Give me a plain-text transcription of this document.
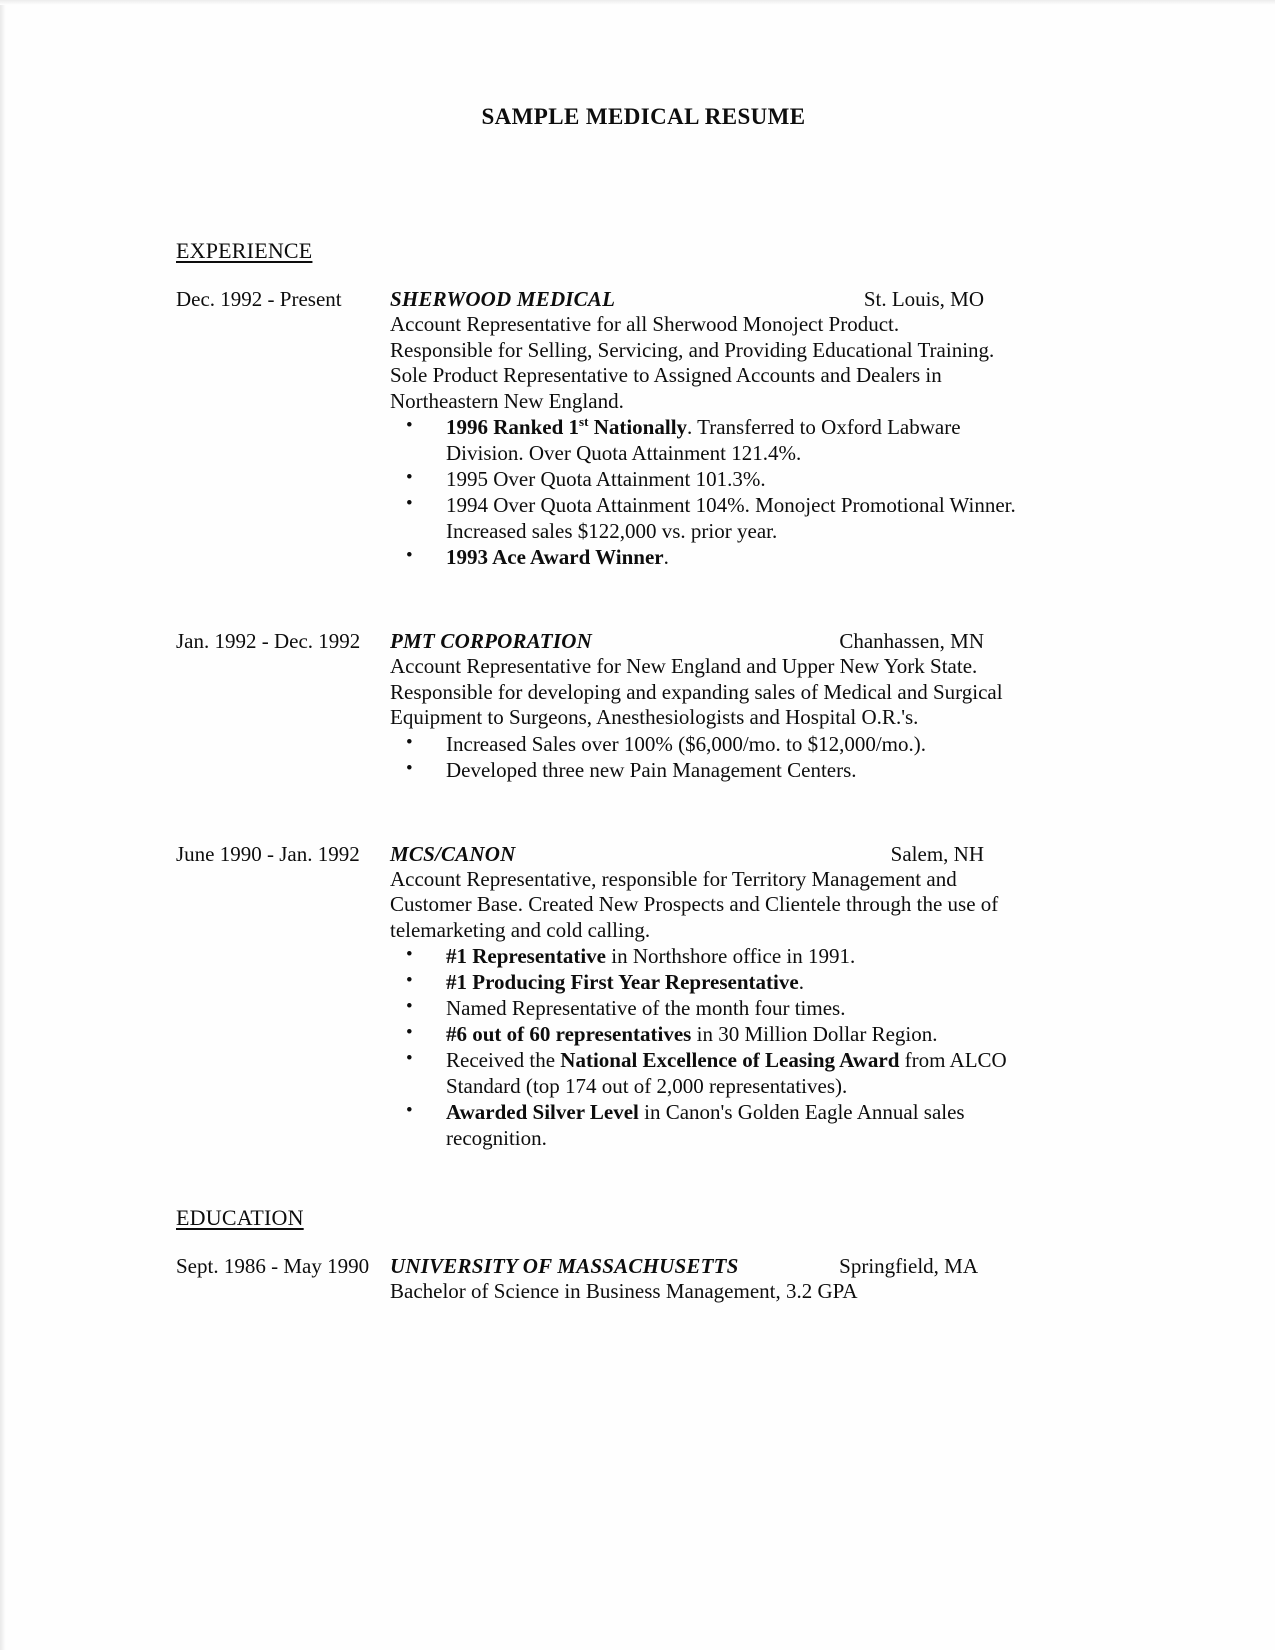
SAMPLE MEDICAL RESUME
EXPERIENCE
Dec. 1992 - Present	SHERWOOD MEDICAL	St. Louis, MO
Account Representative for all Sherwood Monoject Product.
Responsible for Selling, Servicing, and Providing Educational Training.
Sole Product Representative to Assigned Accounts and Dealers in
Northeastern New England.
• 1996 Ranked 1st Nationally. Transferred to Oxford Labware
Division. Over Quota Attainment 121.4%.
• 1995 Over Quota Attainment 101.3%.
• 1994 Over Quota Attainment 104%. Monoject Promotional Winner.
Increased sales $122,000 vs. prior year.
• 1993 Ace Award Winner.
Jan. 1992 - Dec. 1992	PMT CORPORATION	Chanhassen, MN
Account Representative for New England and Upper New York State.
Responsible for developing and expanding sales of Medical and Surgical
Equipment to Surgeons, Anesthesiologists and Hospital O.R.'s.
• Increased Sales over 100% ($6,000/mo. to $12,000/mo.).
• Developed three new Pain Management Centers.
June 1990 - Jan. 1992	MCS/CANON	Salem, NH
Account Representative, responsible for Territory Management and
Customer Base. Created New Prospects and Clientele through the use of
telemarketing and cold calling.
• #1 Representative in Northshore office in 1991.
• #1 Producing First Year Representative.
• Named Representative of the month four times.
• #6 out of 60 representatives in 30 Million Dollar Region.
• Received the National Excellence of Leasing Award from ALCO
Standard (top 174 out of 2,000 representatives).
• Awarded Silver Level in Canon's Golden Eagle Annual sales
recognition.
EDUCATION
Sept. 1986 - May 1990 UNIVERSITY OF MASSACHUSETTS	Springfield, MA
Bachelor of Science in Business Management, 3.2 GPA
